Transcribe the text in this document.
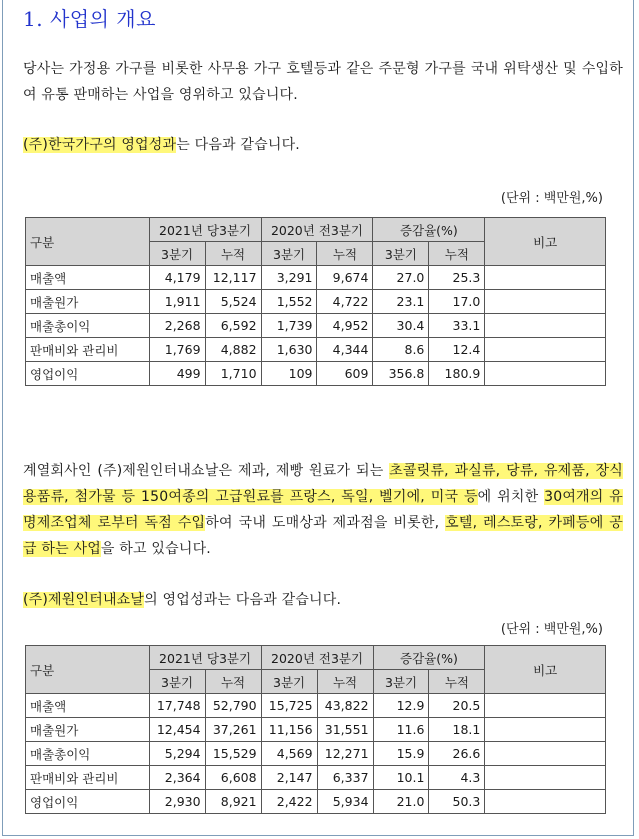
1. 사업의 개요
당사는 가정용 가구를 비롯한 사무용 가구 호텔등과 같은 주문형 가구를 국내 위탁생산 및 수입하여 유통 판매하는 사업을 영위하고 있습니다.
(주)한국가구의 영업성과는 다음과 같습니다.
(단위 : 백만원,%)
구분	2021년 당3분기		2020년 전3분기		증감율(%)		비고
	3분기	누적	3분기	누적	3분기	누적	
매출액	4,179	12,117	3,291	9,674	27.0	25.3	
매출원가	1,911	5,524	1,552	4,722	23.1	17.0	
매출총이익	2,268	6,592	1,739	4,952	30.4	33.1	
판매비와 관리비	1,769	4,882	1,630	4,344	8.6	12.4	
영업이익	499	1,710	109	609	356.8	180.9	
계열회사인 (주)제원인터내쇼날은 제과, 제빵 원료가 되는 초콜릿류, 과실류, 당류, 유제품, 장식용품류, 첨가물 등 150여종의 고급원료를 프랑스, 독일, 벨기에, 미국 등에 위치한 30여개의 유명제조업체 로부터 독점 수입하여 국내 도매상과 제과점을 비롯한, 호텔, 레스토랑, 카페등에 공급 하는 사업을 하고 있습니다.
(주)제원인터내쇼날의 영업성과는 다음과 같습니다.
(단위 : 백만원,%)
구분	2021년 당3분기		2020년 전3분기		증감율(%)		비고
	3분기	누적	3분기	누적	3분기	누적	
매출액	17,748	52,790	15,725	43,822	12.9	20.5	
매출원가	12,454	37,261	11,156	31,551	11.6	18.1	
매출총이익	5,294	15,529	4,569	12,271	15.9	26.6	
판매비와 관리비	2,364	6,608	2,147	6,337	10.1	4.3	
영업이익	2,930	8,921	2,422	5,934	21.0	50.3	
